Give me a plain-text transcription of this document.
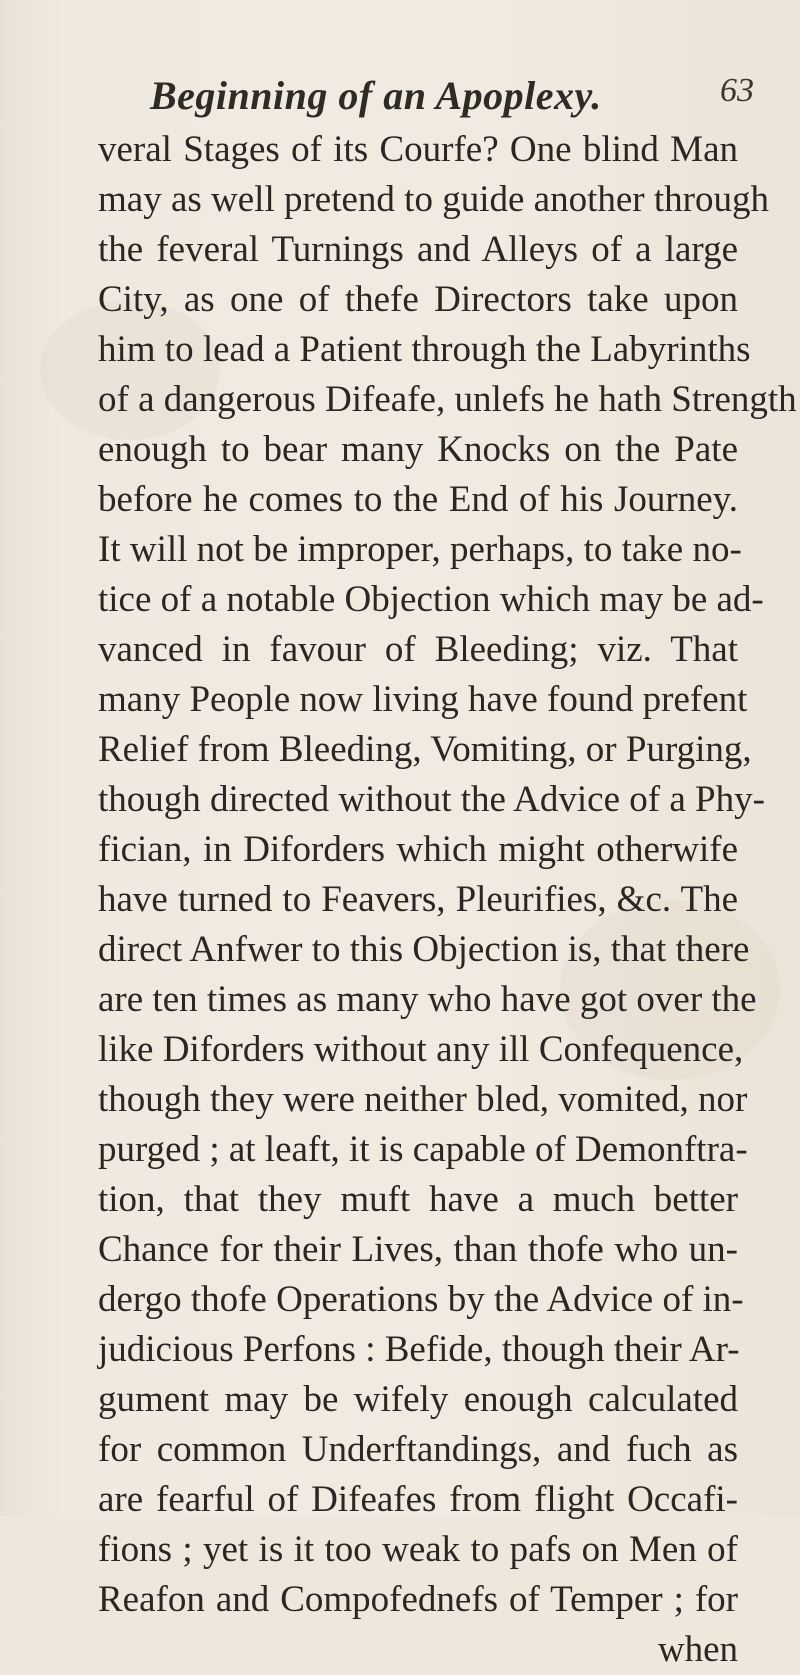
Beginning of an Apoplexy.	63
veral Stages of its Courfe? One blind Man
may as well pretend to guide another through
the feveral Turnings and Alleys of a large
City, as one of thefe Directors take upon
him to lead a Patient through the Labyrinths
of a dangerous Difeafe, unlefs he hath Strength
enough to bear many Knocks on the Pate
before he comes to the End of his Journey.
It will not be improper, perhaps, to take no-
tice of a notable Objection which may be ad-
vanced in favour of Bleeding; viz. That
many People now living have found prefent
Relief from Bleeding, Vomiting, or Purging,
though directed without the Advice of a Phy-
fician, in Diforders which might otherwife
have turned to Feavers, Pleurifies, &c. The
direct Anfwer to this Objection is, that there
are ten times as many who have got over the
like Diforders without any ill Confequence,
though they were neither bled, vomited, nor
purged ; at leaft, it is capable of Demonftra-
tion, that they muft have a much better
Chance for their Lives, than thofe who un-
dergo thofe Operations by the Advice of in-
judicious Perfons : Befide, though their Ar-
gument may be wifely enough calculated
for common Underftandings, and fuch as
are fearful of Difeafes from flight Occafi-
fions ; yet is it too weak to pafs on Men of
Reafon and Compofednefs of Temper ; for
when
